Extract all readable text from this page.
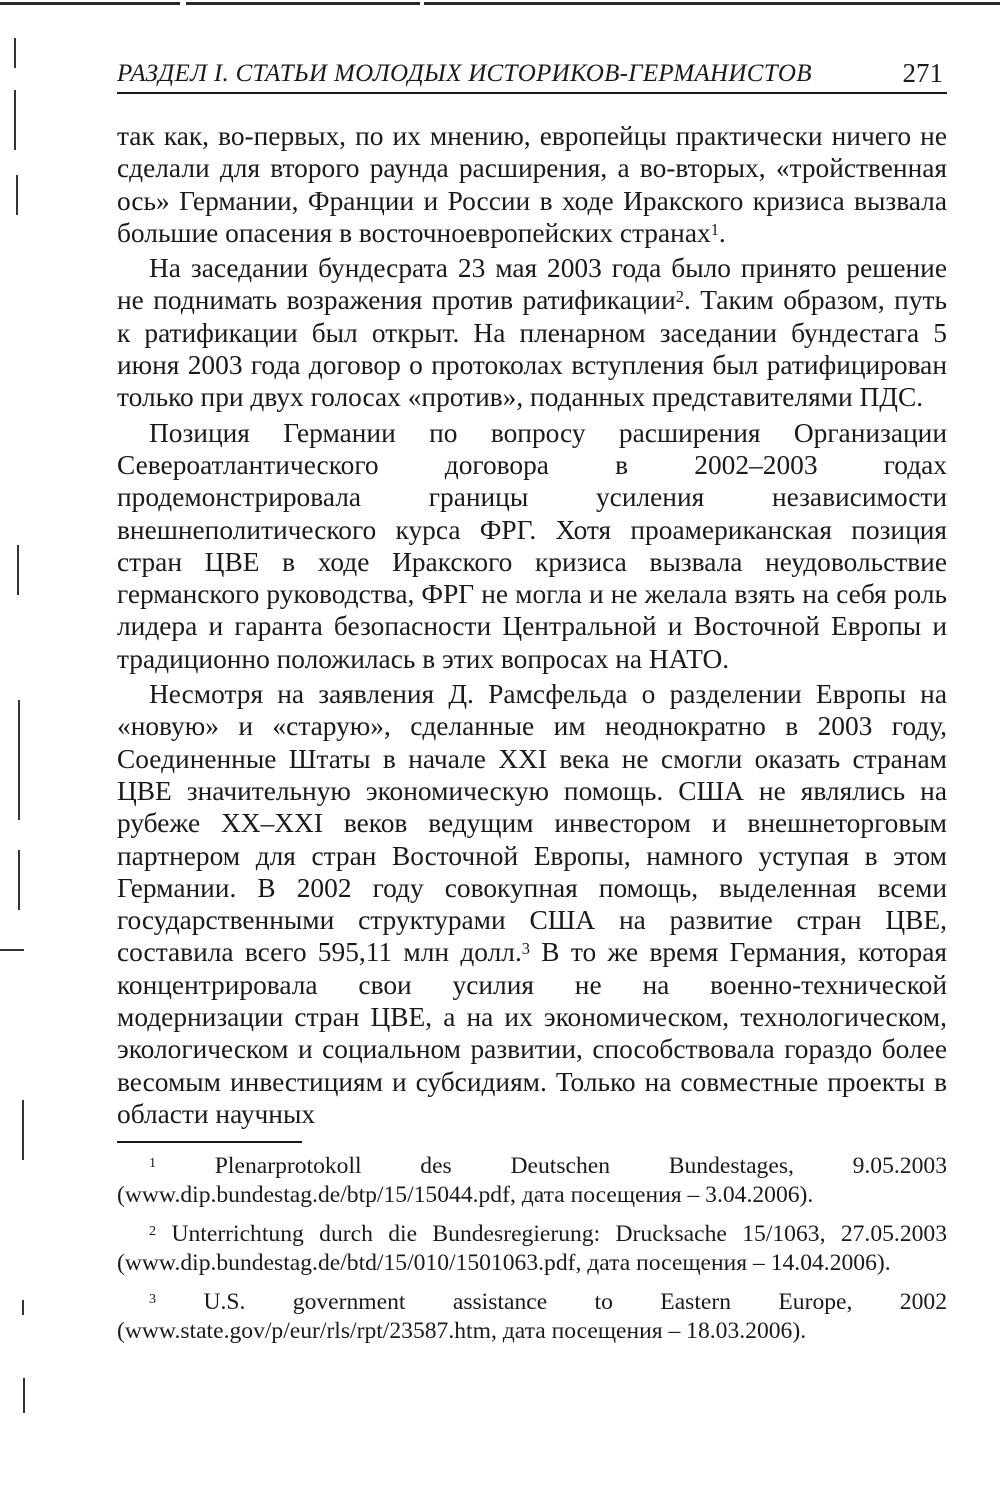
РАЗДЕЛ I. СТАТЬИ МОЛОДЫХ ИСТОРИКОВ-ГЕРМАНИСТОВ	271

так как, во-первых, по их мнению, европейцы практически ничего не сделали для второго раунда расширения, а во-вторых, «тройственная ось» Германии, Франции и России в ходе Иракского кризиса вызвала большие опасения в восточноевропейских странах$^1$.

На заседании бундесрата 23 мая 2003 года было принято решение не поднимать возражения против ратификации$^2$. Таким образом, путь к ратификации был открыт. На пленарном заседании бундестага 5 июня 2003 года договор о протоколах вступления был ратифицирован только при двух голосах «против», поданных представителями ПДС.

Позиция Германии по вопросу расширения Организации Североатлантического договора в 2002–2003 годах продемонстрировала границы усиления независимости внешнеполитического курса ФРГ. Хотя проамериканская позиция стран ЦВЕ в ходе Иракского кризиса вызвала неудовольствие германского руководства, ФРГ не могла и не желала взять на себя роль лидера и гаранта безопасности Центральной и Восточной Европы и традиционно положилась в этих вопросах на НАТО.

Несмотря на заявления Д. Рамсфельда о разделении Европы на «новую» и «старую», сделанные им неоднократно в 2003 году, Соединенные Штаты в начале XXI века не смогли оказать странам ЦВЕ значительную экономическую помощь. США не являлись на рубеже XX–XXI веков ведущим инвестором и внешнеторговым партнером для стран Восточной Европы, намного уступая в этом Германии. В 2002 году совокупная помощь, выделенная всеми государственными структурами США на развитие стран ЦВЕ, составила всего 595,11 млн долл.$^3$ В то же время Германия, которая концентрировала свои усилия не на военно-технической модернизации стран ЦВЕ, а на их экономическом, технологическом, экологическом и социальном развитии, способствовала гораздо более весомым инвестициям и субсидиям. Только на совместные проекты в области научных

$^1$ Plenarprotokoll des Deutschen Bundestages, 9.05.2003 (www.dip.bundestag.de/btp/15/15044.pdf, дата посещения – 3.04.2006).

$^2$ Unterrichtung durch die Bundesregierung: Drucksache 15/1063, 27.05.2003 (www.dip.bundestag.de/btd/15/010/1501063.pdf, дата посещения – 14.04.2006).

$^3$ U.S. government assistance to Eastern Europe, 2002 (www.state.gov/p/eur/rls/rpt/23587.htm, дата посещения – 18.03.2006).
